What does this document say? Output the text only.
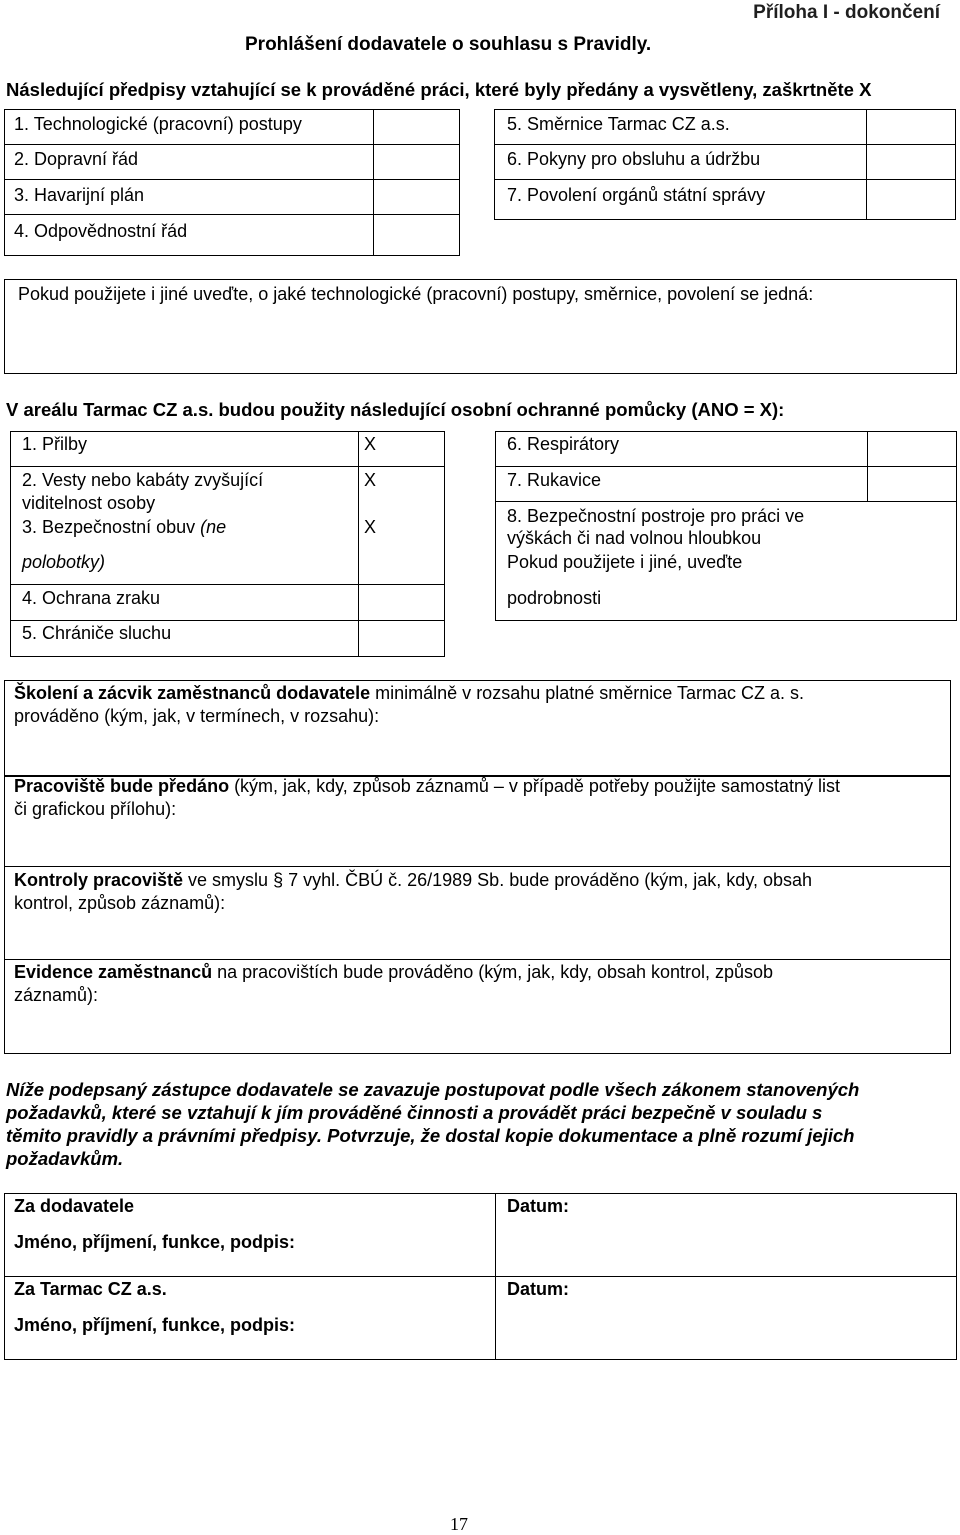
Příloha I - dokončení
Prohlášení dodavatele o souhlasu s Pravidly.
Následující předpisy vztahující se k prováděné práci, které byly předány a vysvětleny, zaškrtněte X
1. Technologické (pracovní) postupy
2. Dopravní řád
3. Havarijní plán
4. Odpovědnostní řád
5. Směrnice Tarmac CZ a.s.
6. Pokyny pro obsluhu a údržbu
7. Povolení orgánů státní správy
Pokud použijete i jiné uveďte, o jaké technologické (pracovní) postupy, směrnice, povolení se jedná:
V areálu Tarmac CZ a.s. budou použity následující osobní ochranné pomůcky (ANO = X):
1. Přilby	X
2. Vesty nebo kabáty zvyšující
viditelnost osoby
X
3. Bezpečnostní obuv (ne
polobotky)
X
4. Ochrana zraku
5. Chrániče sluchu
6. Respirátory
7. Rukavice
8. Bezpečnostní postroje pro práci ve
výškách či nad volnou hloubkou
Pokud použijete i jiné, uveďte
podrobnosti
Školení a zácvik zaměstnanců dodavatele minimálně v rozsahu platné směrnice Tarmac CZ a. s.
prováděno (kým, jak, v termínech, v rozsahu):
Pracoviště bude předáno (kým, jak, kdy, způsob záznamů – v případě potřeby použijte samostatný list
či grafickou přílohu):
Kontroly pracoviště ve smyslu § 7 vyhl. ČBÚ č. 26/1989 Sb. bude prováděno (kým, jak, kdy, obsah
kontrol, způsob záznamů):
Evidence zaměstnanců na pracovištích bude prováděno (kým, jak, kdy, obsah kontrol, způsob
záznamů):
Níže podepsaný zástupce dodavatele se zavazuje postupovat podle všech zákonem stanovených
požadavků, které se vztahují k jím prováděné činnosti a provádět práci bezpečně v souladu s
těmito pravidly a právními předpisy. Potvrzuje, že dostal kopie dokumentace a plně rozumí jejich
požadavkům.
Za dodavatele
Jméno, příjmení, funkce, podpis:
Datum:
Za Tarmac CZ a.s.
Jméno, příjmení, funkce, podpis:
Datum:
17
